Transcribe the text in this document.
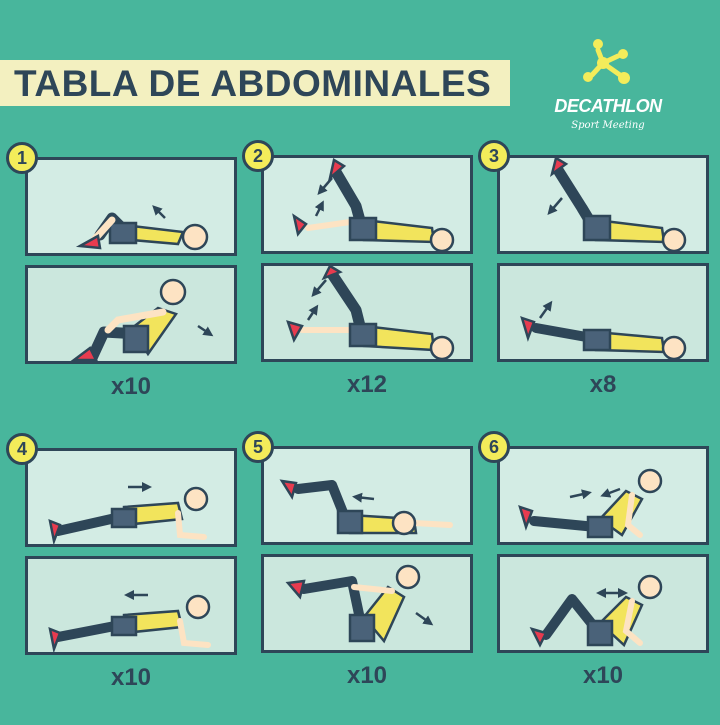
TABLA DE ABDOMINALES
DECATHLON
Sport Meeting
1
x10
2
x12
3
x8
4
x10
5
x10
6
x10
